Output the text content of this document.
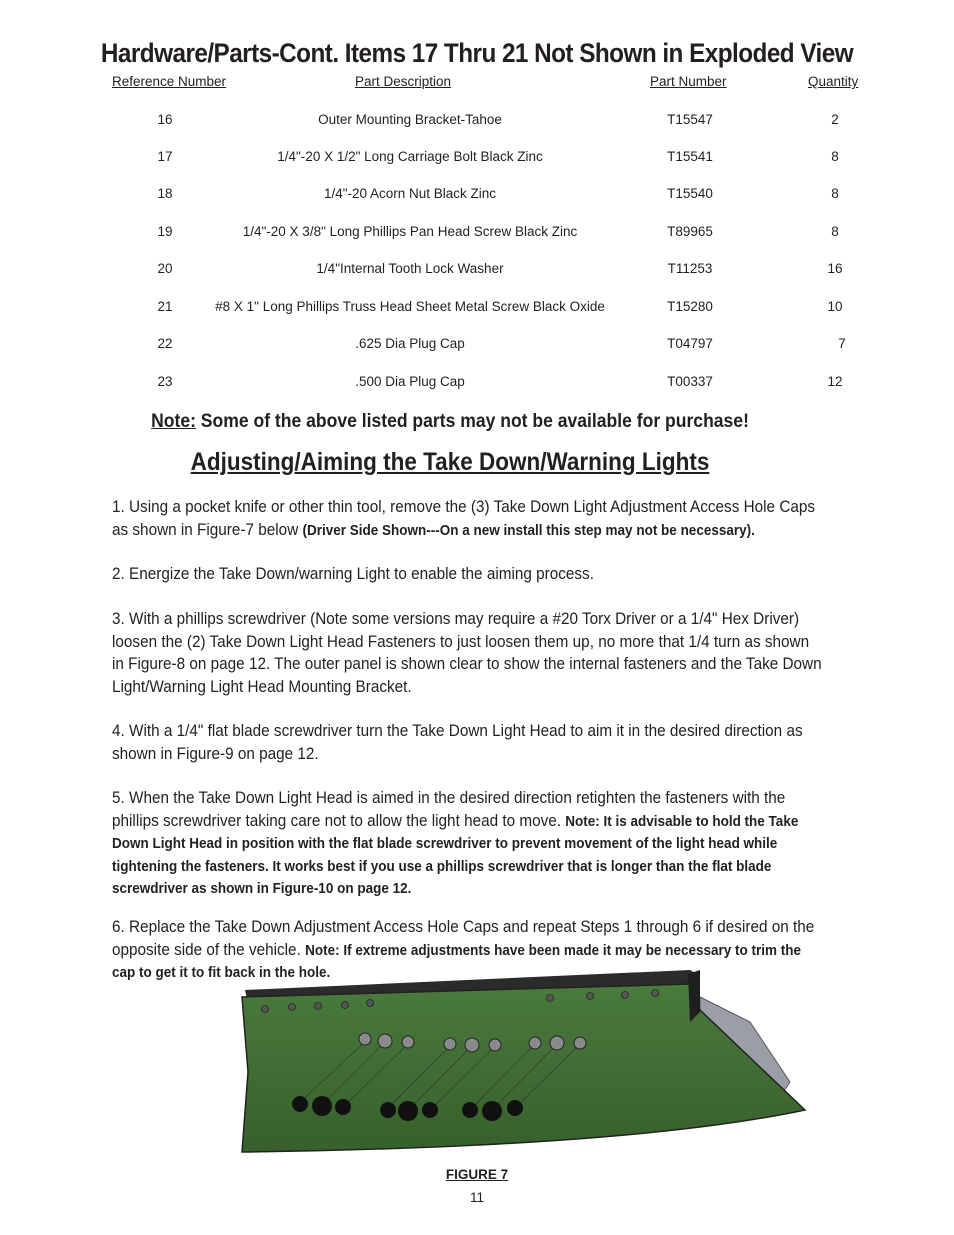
Hardware/Parts-Cont. Items 17 Thru 21 Not Shown in Exploded View
Reference Number	Part Description	Part Number	Quantity
16	Outer Mounting Bracket-Tahoe	T15547	2
17	1/4"-20 X 1/2" Long Carriage Bolt Black Zinc	T15541	8
18	1/4"-20 Acorn Nut Black Zinc	T15540	8
19	1/4"-20 X 3/8" Long Phillips Pan Head Screw Black Zinc	T89965	8
20	1/4"Internal Tooth Lock Washer	T11253	16
21	#8 X 1" Long Phillips Truss Head Sheet Metal Screw Black Oxide	T15280	10
22	.625 Dia Plug Cap	T04797	7
23	.500 Dia Plug Cap	T00337	12
Note: Some of the above listed parts may not be available for purchase!
Adjusting/Aiming the Take Down/Warning Lights
1. Using a pocket knife or other thin tool, remove the (3) Take Down Light Adjustment Access Hole Caps as shown in Figure-7 below (Driver Side Shown---On a new install this step may not be necessary).
2. Energize the Take Down/warning Light to enable the aiming process.
3. With a phillips screwdriver (Note some versions may require a #20 Torx Driver or a 1/4" Hex Driver) loosen the (2) Take Down Light Head Fasteners to just loosen them up, no more that 1/4 turn as shown in Figure-8 on page 12. The outer panel is shown clear to show the internal fasteners and the Take Down Light/Warning Light Head Mounting Bracket.
4. With a 1/4" flat blade screwdriver turn the Take Down Light Head to aim it in the desired direction as shown in Figure-9 on page 12.
5. When the Take Down Light Head is aimed in the desired direction retighten the fasteners with the phillips screwdriver taking care not to allow the light head to move. Note: It is advisable to hold the Take Down Light Head in position with the flat blade screwdriver to prevent movement of the light head while tightening the fasteners. It works best if you use a phillips screwdriver that is longer than the flat blade screwdriver as shown in Figure-10 on page 12.
6. Replace the Take Down Adjustment Access Hole Caps and repeat Steps 1 through 6 if desired on the opposite side of the vehicle. Note: If extreme adjustments have been made it may be necessary to trim the cap to get it to fit back in the hole.
FIGURE 7
11
